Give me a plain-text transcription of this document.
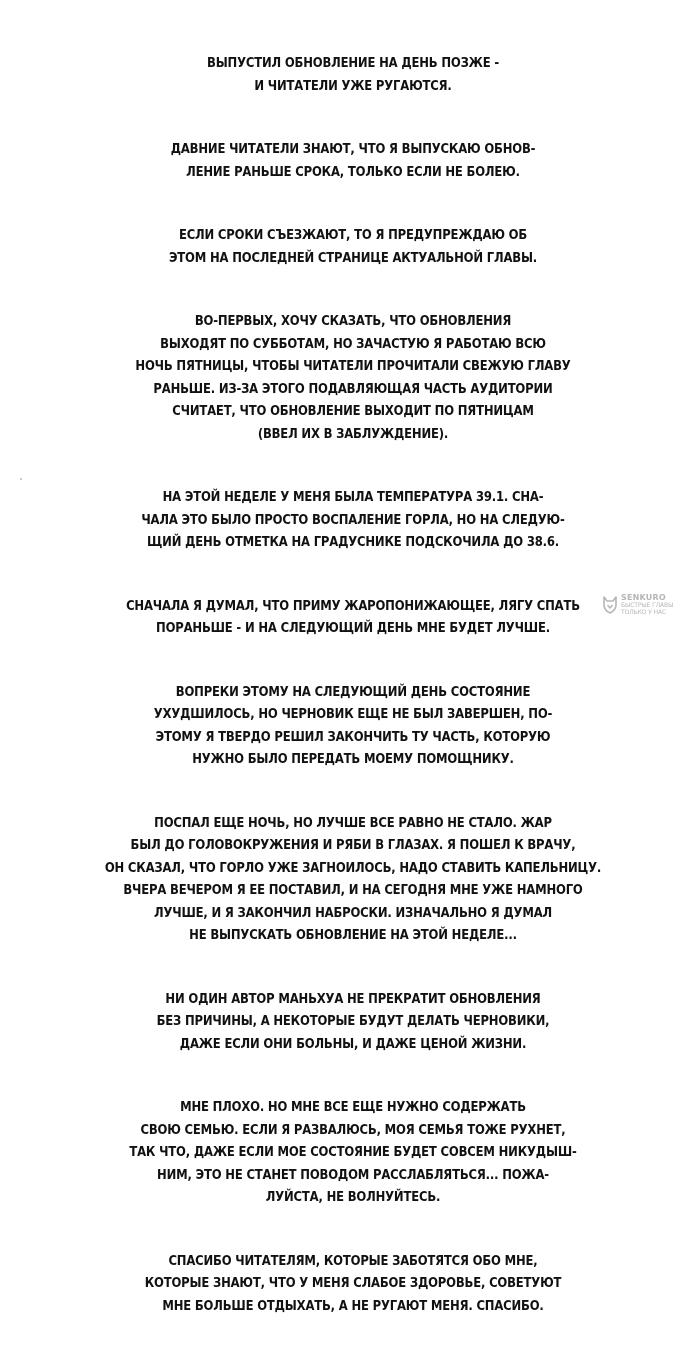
ВЫПУСТИЛ ОБНОВЛЕНИЕ НА ДЕНЬ ПОЗЖЕ -
И ЧИТАТЕЛИ УЖЕ РУГАЮТСЯ.
ДАВНИЕ ЧИТАТЕЛИ ЗНАЮТ, ЧТО Я ВЫПУСКАЮ ОБНОВ-
ЛЕНИЕ РАНЬШЕ СРОКА, ТОЛЬКО ЕСЛИ НЕ БОЛЕЮ.
ЕСЛИ СРОКИ СЪЕЗЖАЮТ, ТО Я ПРЕДУПРЕЖДАЮ ОБ
ЭТОМ НА ПОСЛЕДНЕЙ СТРАНИЦЕ АКТУАЛЬНОЙ ГЛАВЫ.
ВО-ПЕРВЫХ, ХОЧУ СКАЗАТЬ, ЧТО ОБНОВЛЕНИЯ
ВЫХОДЯТ ПО СУББОТАМ, НО ЗАЧАСТУЮ Я РАБОТАЮ ВСЮ
НОЧЬ ПЯТНИЦЫ, ЧТОБЫ ЧИТАТЕЛИ ПРОЧИТАЛИ СВЕЖУЮ ГЛАВУ
РАНЬШЕ. ИЗ-ЗА ЭТОГО ПОДАВЛЯЮЩАЯ ЧАСТЬ АУДИТОРИИ
СЧИТАЕТ, ЧТО ОБНОВЛЕНИЕ ВЫХОДИТ ПО ПЯТНИЦАМ
(ВВЕЛ ИХ В ЗАБЛУЖДЕНИЕ).
НА ЭТОЙ НЕДЕЛЕ У МЕНЯ БЫЛА ТЕМПЕРАТУРА 39.1. СНА-
ЧАЛА ЭТО БЫЛО ПРОСТО ВОСПАЛЕНИЕ ГОРЛА, НО НА СЛЕДУЮ-
ЩИЙ ДЕНЬ ОТМЕТКА НА ГРАДУСНИКЕ ПОДСКОЧИЛА ДО 38.6.
СНАЧАЛА Я ДУМАЛ, ЧТО ПРИМУ ЖАРОПОНИЖАЮЩЕЕ, ЛЯГУ СПАТЬ
ПОРАНЬШЕ - И НА СЛЕДУЮЩИЙ ДЕНЬ МНЕ БУДЕТ ЛУЧШЕ.
ВОПРЕКИ ЭТОМУ НА СЛЕДУЮЩИЙ ДЕНЬ СОСТОЯНИЕ
УХУДШИЛОСЬ, НО ЧЕРНОВИК ЕЩЕ НЕ БЫЛ ЗАВЕРШЕН, ПО-
ЭТОМУ Я ТВЕРДО РЕШИЛ ЗАКОНЧИТЬ ТУ ЧАСТЬ, КОТОРУЮ
НУЖНО БЫЛО ПЕРЕДАТЬ МОЕМУ ПОМОЩНИКУ.
ПОСПАЛ ЕЩЕ НОЧЬ, НО ЛУЧШЕ ВСЕ РАВНО НЕ СТАЛО. ЖАР
БЫЛ ДО ГОЛОВОКРУЖЕНИЯ И РЯБИ В ГЛАЗАХ. Я ПОШЕЛ К ВРАЧУ,
ОН СКАЗАЛ, ЧТО ГОРЛО УЖЕ ЗАГНОИЛОСЬ, НАДО СТАВИТЬ КАПЕЛЬНИЦУ.
ВЧЕРА ВЕЧЕРОМ Я ЕЕ ПОСТАВИЛ, И НА СЕГОДНЯ МНЕ УЖЕ НАМНОГО
ЛУЧШЕ, И Я ЗАКОНЧИЛ НАБРОСКИ. ИЗНАЧАЛЬНО Я ДУМАЛ
НЕ ВЫПУСКАТЬ ОБНОВЛЕНИЕ НА ЭТОЙ НЕДЕЛЕ...
НИ ОДИН АВТОР МАНЬХУА НЕ ПРЕКРАТИТ ОБНОВЛЕНИЯ
БЕЗ ПРИЧИНЫ, А НЕКОТОРЫЕ БУДУТ ДЕЛАТЬ ЧЕРНОВИКИ,
ДАЖЕ ЕСЛИ ОНИ БОЛЬНЫ, И ДАЖЕ ЦЕНОЙ ЖИЗНИ.
МНЕ ПЛОХО. НО МНЕ ВСЕ ЕЩЕ НУЖНО СОДЕРЖАТЬ
СВОЮ СЕМЬЮ. ЕСЛИ Я РАЗВАЛЮСЬ, МОЯ СЕМЬЯ ТОЖЕ РУХНЕТ,
ТАК ЧТО, ДАЖЕ ЕСЛИ МОЕ СОСТОЯНИЕ БУДЕТ СОВСЕМ НИКУДЫШ-
НИМ, ЭТО НЕ СТАНЕТ ПОВОДОМ РАССЛАБЛЯТЬСЯ... ПОЖА-
ЛУЙСТА, НЕ ВОЛНУЙТЕСЬ.
СПАСИБО ЧИТАТЕЛЯМ, КОТОРЫЕ ЗАБОТЯТСЯ ОБО МНЕ,
КОТОРЫЕ ЗНАЮТ, ЧТО У МЕНЯ СЛАБОЕ ЗДОРОВЬЕ, СОВЕТУЮТ
МНЕ БОЛЬШЕ ОТДЫХАТЬ, А НЕ РУГАЮТ МЕНЯ. СПАСИБО.
SENKURO
БЫСТРЫЕ ГЛАВЫ
ТОЛЬКО У НАС
